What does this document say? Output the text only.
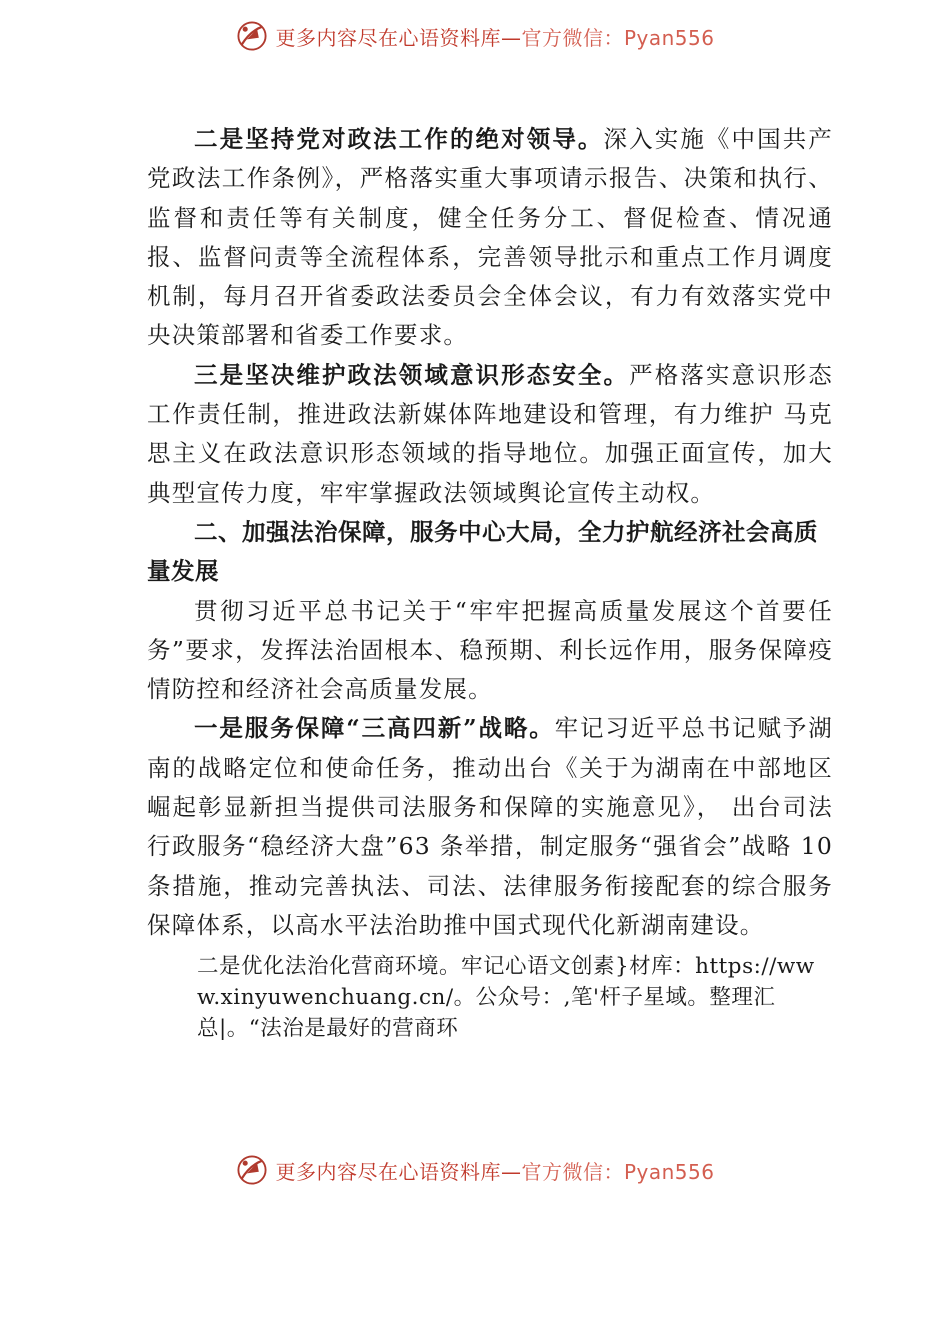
更多内容尽在心语资料库—官方微信：Pyan556

二是坚持党对政法工作的绝对领导。深入实施《中国共产党政法工作条例》，严格落实重大事项请示报告、决策和执行、监督和责任等有关制度，健全任务分工、督促检查、情况通报、监督问责等全流程体系，完善领导批示和重点工作月调度机制，每月召开省委政法委员会全体会议，有力有效落实党中央决策部署和省委工作要求。

三是坚决维护政法领域意识形态安全。严格落实意识形态工作责任制，推进政法新媒体阵地建设和管理，有力维护 马克思主义在政法意识形态领域的指导地位。加强正面宣传，加大典型宣传力度，牢牢掌握政法领域舆论宣传主动权。

二、加强法治保障，服务中心大局，全力护航经济社会高质量发展

贯彻习近平总书记关于“牢牢把握高质量发展这个首要任务”要求，发挥法治固根本、稳预期、利长远作用，服务保障疫情防控和经济社会高质量发展。

一是服务保障“三高四新”战略。牢记习近平总书记赋予湖南的战略定位和使命任务，推动出台《关于为湖南在中部地区崛起彰显新担当提供司法服务和保障的实施意见》， 出台司法行政服务“稳经济大盘”63 条举措，制定服务“强省会”战略 10 条措施，推动完善执法、司法、法律服务衔接配套的综合服务保障体系，以高水平法治助推中国式现代化新湖南建设。

二是优化法治化营商环境。牢记心语文创素}材库：https://www.xinyuwenchuang.cn/。公众号：,笔'杆子星域。整理汇总|。“法治是最好的营商环

更多内容尽在心语资料库—官方微信：Pyan556
